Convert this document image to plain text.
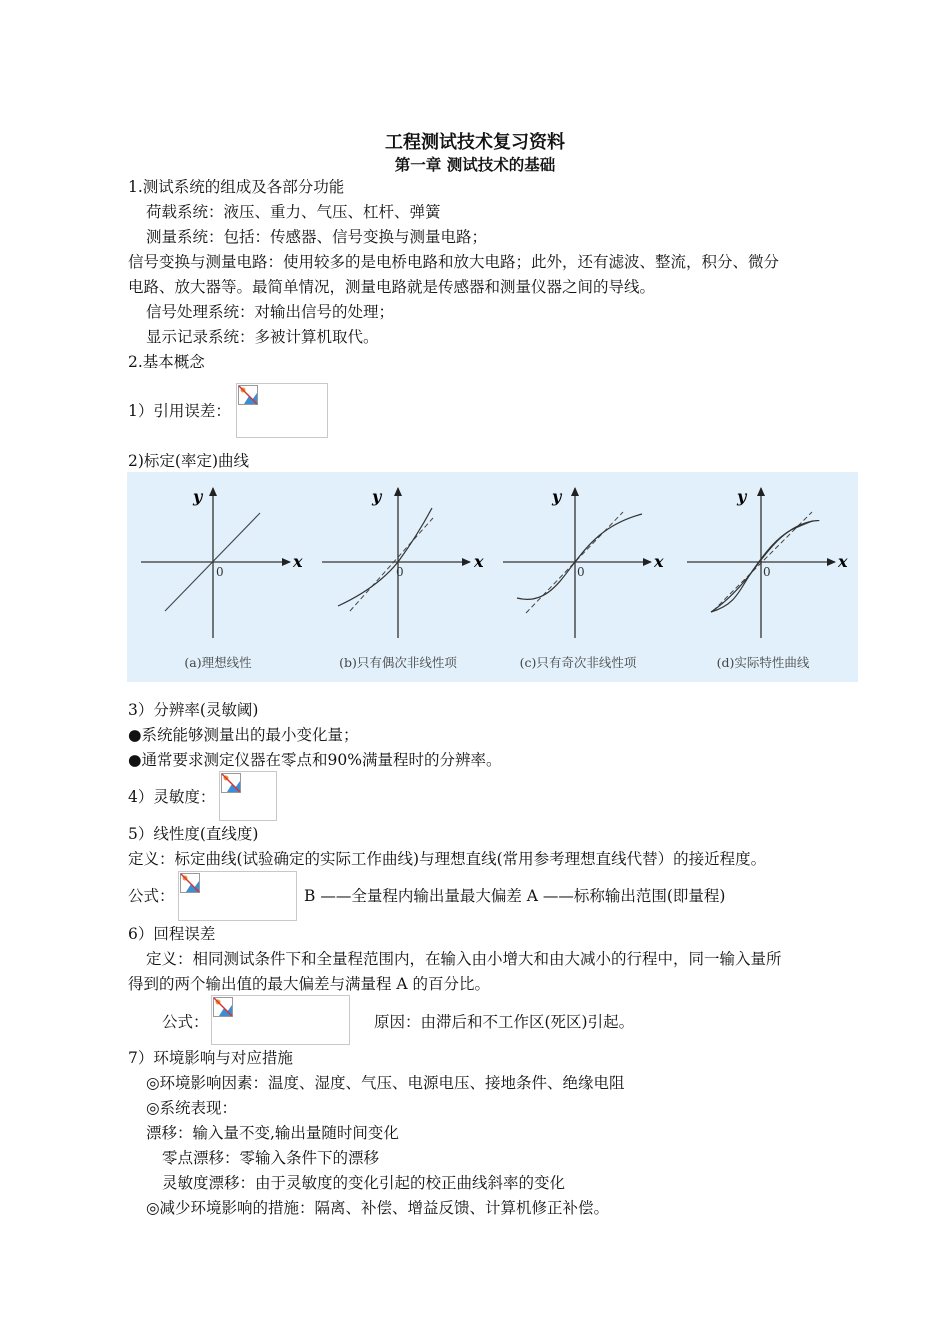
工程测试技术复习资料
第一章 测试技术的基础
1.测试系统的组成及各部分功能
荷载系统：液压、重力、气压、杠杆、弹簧
测量系统：包括：传感器、信号变换与测量电路；
信号变换与测量电路：使用较多的是电桥电路和放大电路；此外，还有滤波、整流，积分、微分
电路、放大器等。最简单情况，测量电路就是传感器和测量仪器之间的导线。
信号处理系统：对输出信号的处理；
显示记录系统：多被计算机取代。
2.基本概念
1）引用误差：
2)标定(率定)曲线
y
x
0
y
x
0
y
x
0
y
x
0
(a)理想线性	(b)只有偶次非线性项	(c)只有奇次非线性项	(d)实际特性曲线
3）分辨率(灵敏阈)
●系统能够测量出的最小变化量；
●通常要求测定仪器在零点和90%满量程时的分辨率。
4）灵敏度：
5）线性度(直线度)
定义：标定曲线(试验确定的实际工作曲线)与理想直线(常用参考理想直线代替）的接近程度。
公式：	B ——全量程内输出量最大偏差 A ——标称输出范围(即量程)
6）回程误差
定义：相同测试条件下和全量程范围内，在输入由小增大和由大减小的行程中，同一输入量所
得到的两个输出值的最大偏差与满量程 A 的百分比。
公式：	原因：由滞后和不工作区(死区)引起。
7）环境影响与对应措施
◎环境影响因素：温度、湿度、气压、电源电压、接地条件、绝缘电阻
◎系统表现：
漂移：输入量不变,输出量随时间变化
零点漂移：零输入条件下的漂移
灵敏度漂移：由于灵敏度的变化引起的校正曲线斜率的变化
◎减少环境影响的措施：隔离、补偿、增益反馈、计算机修正补偿。
